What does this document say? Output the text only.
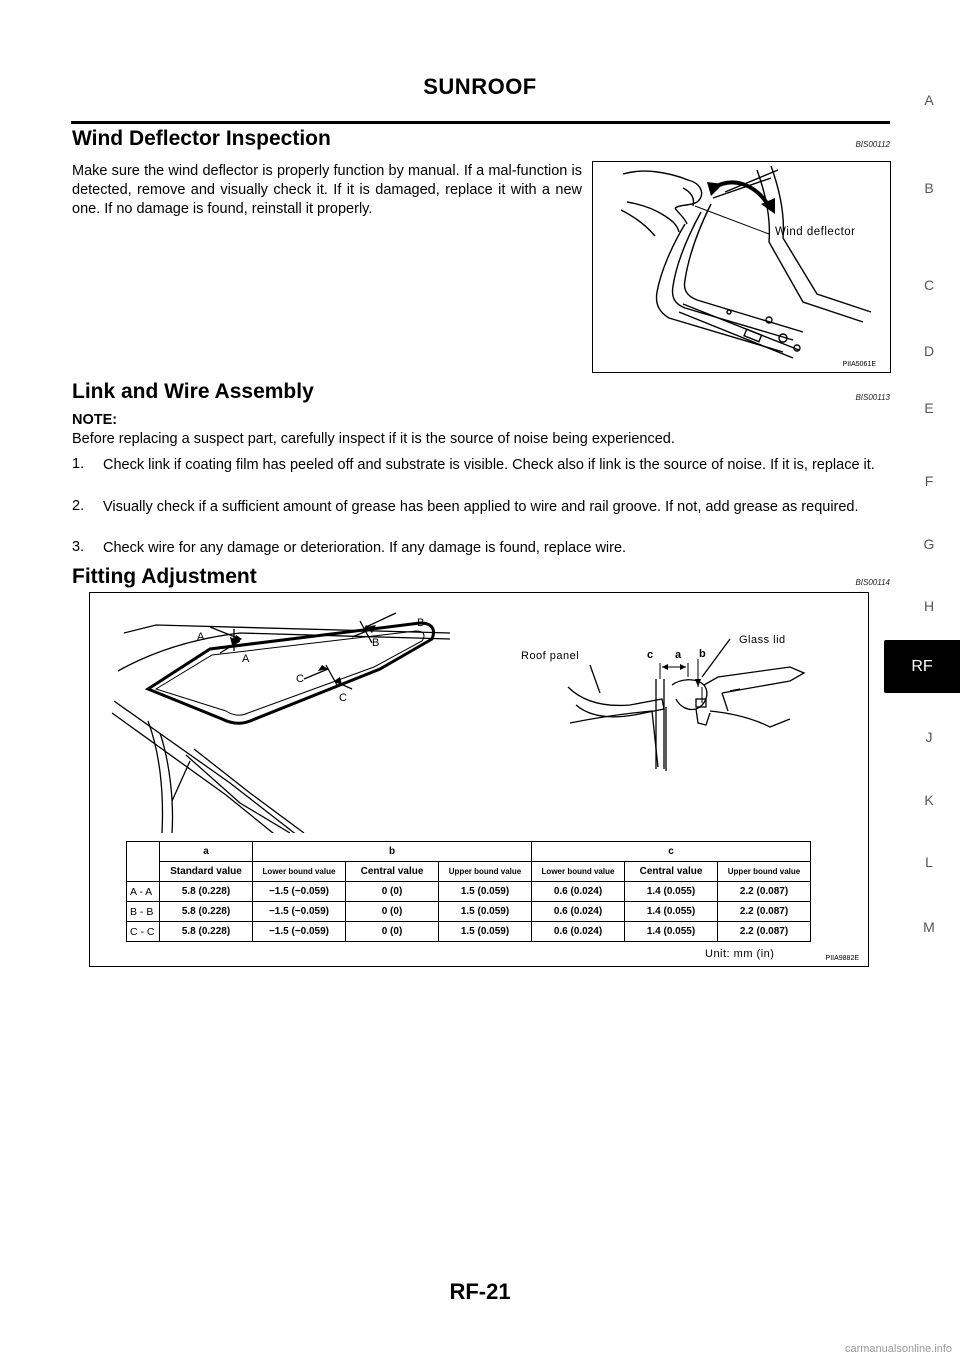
SUNROOF
Wind Deflector Inspection	BIS00112
Make sure the wind deflector is properly function by manual. If a mal-function is detected, remove and visually check it. If it is damaged, replace it with a new one. If no damage is found, reinstall it properly.
Wind deflector
PIIA5061E
Link and Wire Assembly	BIS00113
NOTE:
Before replacing a suspect part, carefully inspect if it is the source of noise being experienced.
1. Check link if coating film has peeled off and substrate is visible. Check also if link is the source of noise. If it is, replace it.
2. Visually check if a sufficient amount of grease has been applied to wire and rail groove. If not, add grease as required.
3. Check wire for any damage or deterioration. If any damage is found, replace wire.
Fitting Adjustment	BIS00114
A
A
B
B
C
C
Roof panel
Glass lid
c a b
Unit: mm (in)	PIIA9882E
	a	b			c		
	Standard value	Lower bound value	Central value	Upper bound value	Lower bound value	Central value	Upper bound value
A - A	5.8 (0.228)	−1.5 (−0.059)	0 (0)	1.5 (0.059)	0.6 (0.024)	1.4 (0.055)	2.2 (0.087)
B - B	5.8 (0.228)	−1.5 (−0.059)	0 (0)	1.5 (0.059)	0.6 (0.024)	1.4 (0.055)	2.2 (0.087)
C - C	5.8 (0.228)	−1.5 (−0.059)	0 (0)	1.5 (0.059)	0.6 (0.024)	1.4 (0.055)	2.2 (0.087)
A
B
C
D
E
F
G
H
RF
J
K
L
M
RF-21
carmanualsonline.info
